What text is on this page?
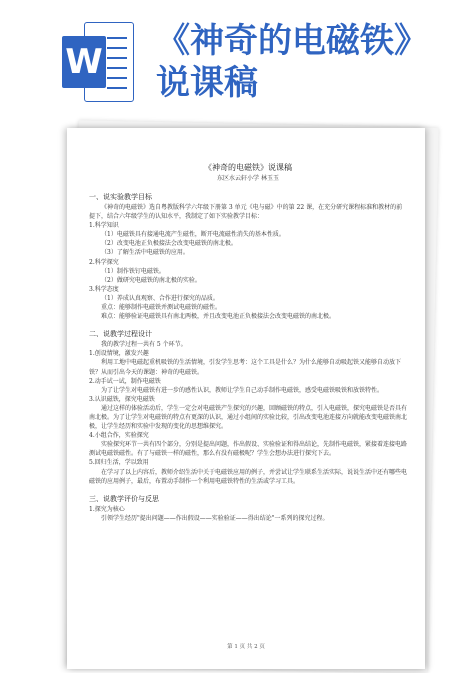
W
《神奇的电磁铁》
说课稿
《神奇的电磁铁》说课稿
东区水云轩小学 林玉玉
一、说实验教学目标

《神奇的电磁铁》选自粤教版科学六年级下册第 3 单元《电与磁》中的第 22 课，在充分研究课程标准和教材的前提下，结合六年级学生的认知水平，我制定了如下实验教学目标：

1.科学知识

（1）电磁铁具有接通电流产生磁性，断开电流磁性消失的基本性质。

（2）改变电池正负极接法会改变电磁铁的南北极。

（3）了解生活中电磁铁的应用。

2.科学探究

（1）制作铁钉电磁铁。

（2）做研究电磁铁的南北极的实验。

3.科学态度

（1）养成认真观察、合作进行探究的品质。

重点：能够制作电磁铁并测试电磁铁的磁性。

难点：能够验证电磁铁具有南北两极，并且改变电池正负极接法会改变电磁铁的南北极。

二、说教学过程设计

我的教学过程一共有 5 个环节。

1.创设情境，激发兴趣

利用工地中电磁起重机吸铁的生活情境，引发学生思考：这个工具是什么？为什么能够自动吸起铁又能够自动放下铁？从而引出今天的课题：神奇的电磁铁。

2.动手试一试，制作电磁铁

为了让学生对电磁铁有进一步的感性认识，教师让学生自己动手制作电磁铁，感受电磁铁吸铁和放铁特性。

3.认识磁铁，探究电磁铁

通过这样的体验活动后，学生一定会对电磁铁产生探究的兴趣，回顾磁铁的特点，引入电磁铁，探究电磁铁是否具有南北极。为了让学生对电磁铁的特点有更深的认识，通过小组间的实验比较，引出改变电池连接方向就能改变电磁铁南北极，让学生经历和实验中发现的变化的思想维探究。

4.小组合作，实验探究

实验探究环节一共有四个部分，分别是提出问题，作出假设、实验验证和得出结论，先制作电磁铁，紧接着连接电路测试电磁铁磁性。有了与磁铁一样的磁性，那么有没有磁极呢？学生会想办法进行探究下去。

5.回归生活，学以致用

在学习了以上内容后，教师介绍生活中关于电磁铁应用的例子，并尝试让学生联系生活实际，说说生活中还有哪些电磁铁的应用例子，最后，布置动手制作一个利用电磁铁特性的生活或学习工具。

三、说教学评价与反思

1.探究为核心

引领学生经历"提出问题——作出假设——实验验证——得出结论"一系列的探究过程。

第 1 页 共 2 页
